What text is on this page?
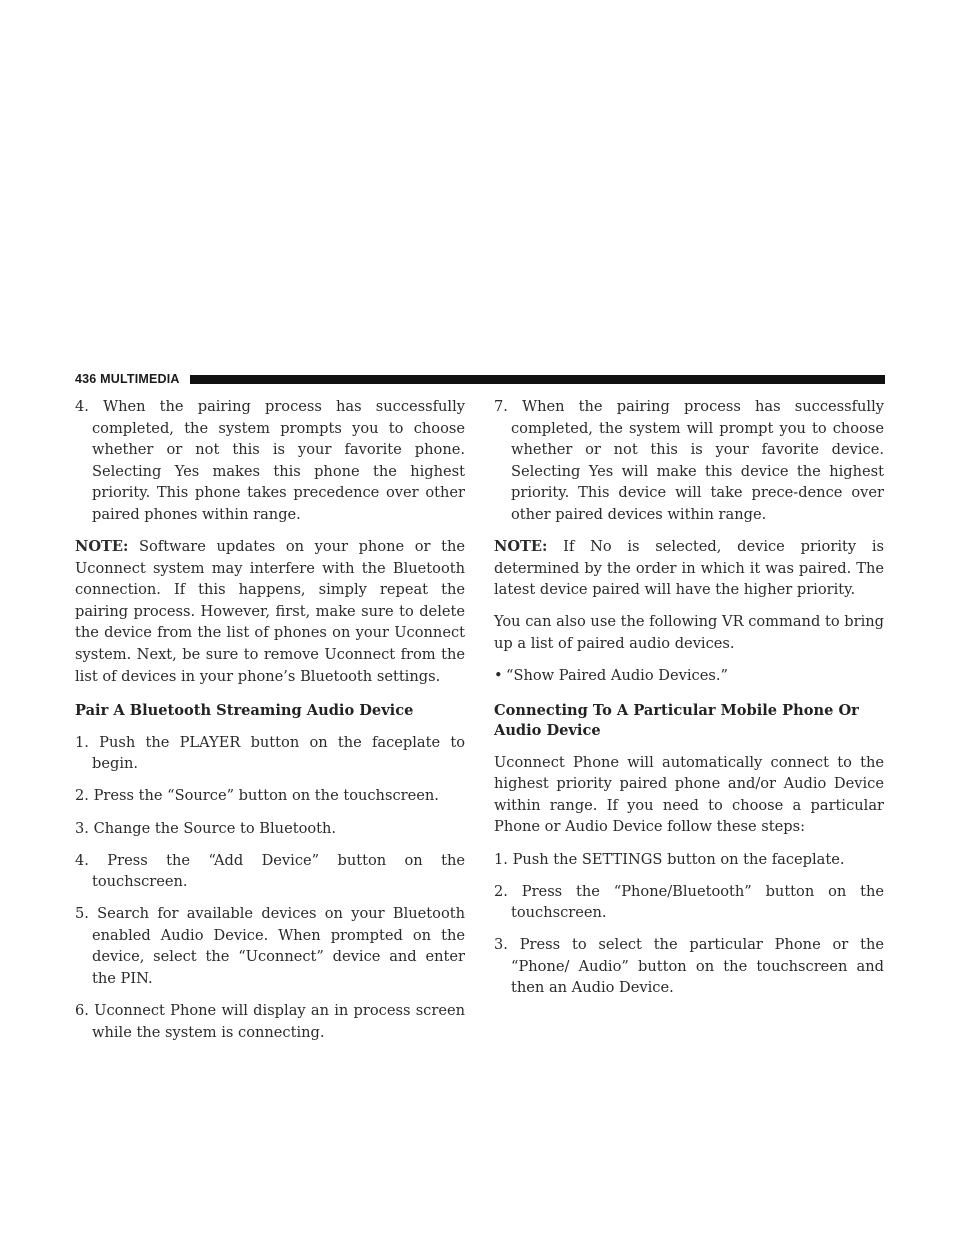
436 MULTIMEDIA

4. When the pairing process has successfully completed, the system prompts you to choose whether or not this is your favorite phone. Selecting Yes makes this phone the highest priority. This phone takes precedence over other paired phones within range.

NOTE: Software updates on your phone or the Uconnect system may interfere with the Bluetooth connection. If this happens, simply repeat the pairing process. However, first, make sure to delete the device from the list of phones on your Uconnect system. Next, be sure to remove Uconnect from the list of devices in your phone’s Bluetooth settings.

Pair A Bluetooth Streaming Audio Device

1. Push the PLAYER button on the faceplate to begin.

2. Press the “Source” button on the touchscreen.

3. Change the Source to Bluetooth.

4. Press the “Add Device” button on the touchscreen.

5. Search for available devices on your Bluetooth enabled Audio Device. When prompted on the device, select the “Uconnect” device and enter the PIN.

6. Uconnect Phone will display an in process screen while the system is connecting.

7. When the pairing process has successfully completed, the system will prompt you to choose whether or not this is your favorite device. Selecting Yes will make this device the highest priority. This device will take prece-dence over other paired devices within range.

NOTE: If No is selected, device priority is determined by the order in which it was paired. The latest device paired will have the higher priority.

You can also use the following VR command to bring up a list of paired audio devices.

• “Show Paired Audio Devices.”

Connecting To A Particular Mobile Phone Or Audio Device

Uconnect Phone will automatically connect to the highest priority paired phone and/or Audio Device within range. If you need to choose a particular Phone or Audio Device follow these steps:

1. Push the SETTINGS button on the faceplate.

2. Press the “Phone/Bluetooth” button on the touchscreen.

3. Press to select the particular Phone or the “Phone/ Audio” button on the touchscreen and then an Audio Device.
